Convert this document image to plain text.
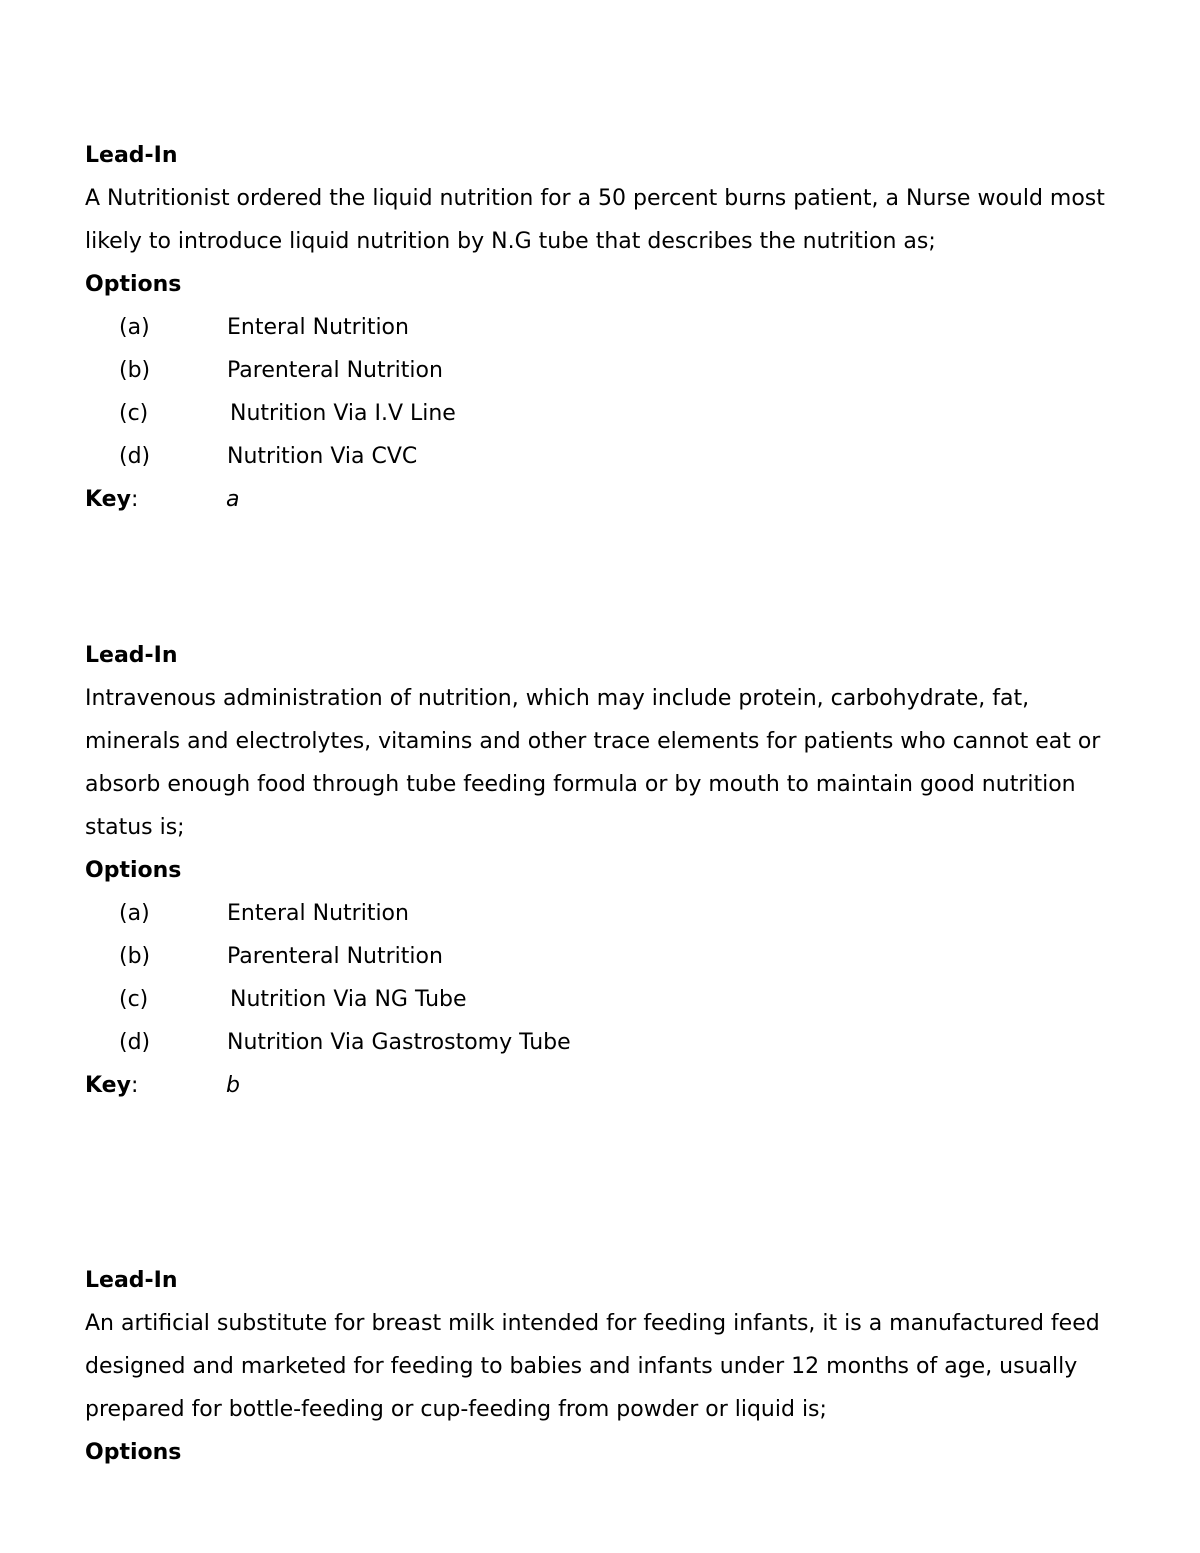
Lead-In
A Nutritionist ordered the liquid nutrition for a 50 percent burns patient, a Nurse would most likely to introduce liquid nutrition by N.G tube that describes the nutrition as;
Options
(a)	Enteral Nutrition
(b)	Parenteral Nutrition
(c)	Nutrition Via I.V Line
(d)	Nutrition Via CVC
Key:	a
Lead-In
Intravenous administration of nutrition, which may include protein, carbohydrate, fat, minerals and electrolytes, vitamins and other trace elements for patients who cannot eat or absorb enough food through tube feeding formula or by mouth to maintain good nutrition status is;
Options
(a)	Enteral Nutrition
(b)	Parenteral Nutrition
(c)	Nutrition Via NG Tube
(d)	Nutrition Via Gastrostomy Tube
Key:	b
Lead-In
An artificial substitute for breast milk intended for feeding infants, it is a manufactured feed designed and marketed for feeding to babies and infants under 12 months of age, usually prepared for bottle-feeding or cup-feeding from powder or liquid is;
Options
